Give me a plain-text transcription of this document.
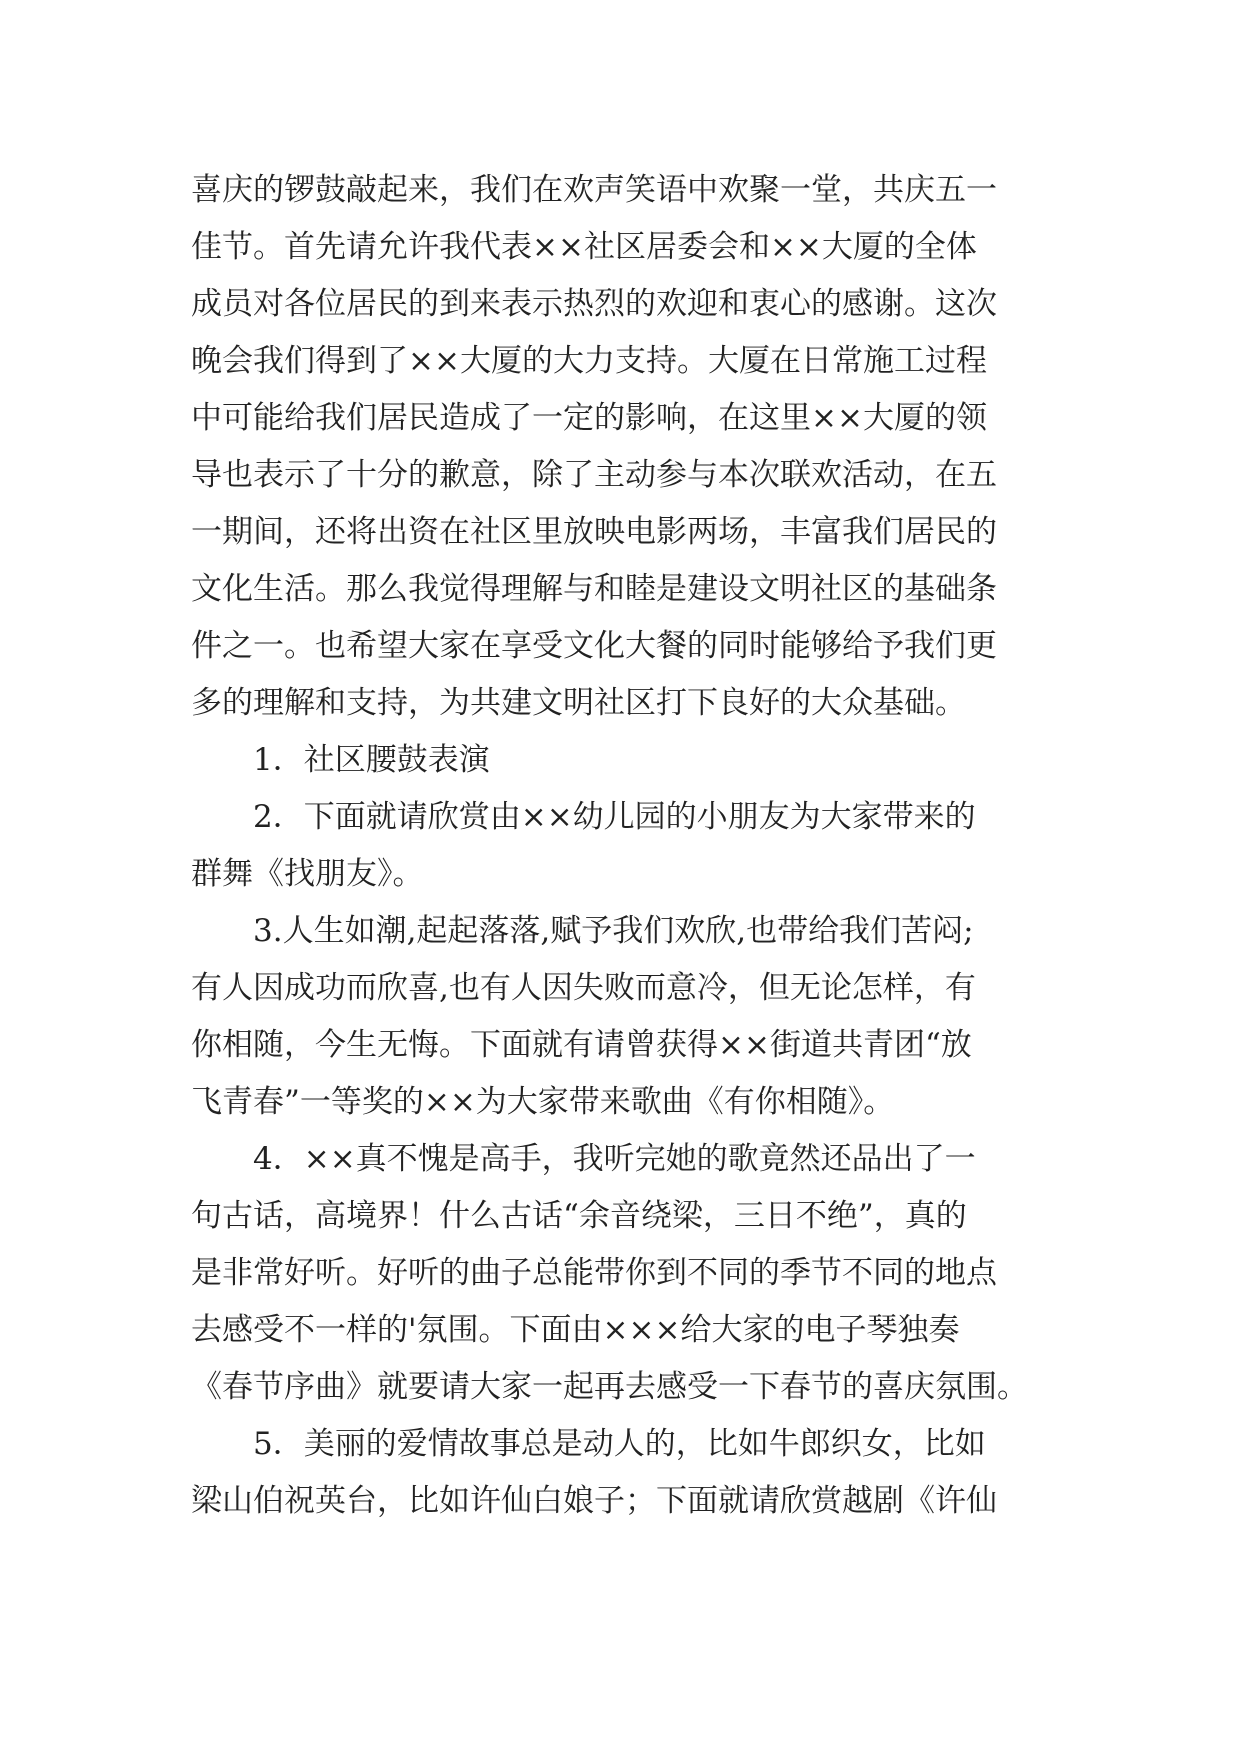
喜庆的锣鼓敲起来，我们在欢声笑语中欢聚一堂，共庆五一
佳节。首先请允许我代表××社区居委会和××大厦的全体
成员对各位居民的到来表示热烈的欢迎和衷心的感谢。这次
晚会我们得到了××大厦的大力支持。大厦在日常施工过程
中可能给我们居民造成了一定的影响，在这里××大厦的领
导也表示了十分的歉意，除了主动参与本次联欢活动，在五
一期间，还将出资在社区里放映电影两场，丰富我们居民的
文化生活。那么我觉得理解与和睦是建设文明社区的基础条
件之一。也希望大家在享受文化大餐的同时能够给予我们更
多的理解和支持，为共建文明社区打下良好的大众基础。
1．社区腰鼓表演
2．下面就请欣赏由××幼儿园的小朋友为大家带来的
群舞《找朋友》。
3.人生如潮,起起落落,赋予我们欢欣,也带给我们苦闷;
有人因成功而欣喜,也有人因失败而意冷，但无论怎样，有
你相随，今生无悔。下面就有请曾获得××街道共青团“放
飞青春”一等奖的××为大家带来歌曲《有你相随》。
4．××真不愧是高手，我听完她的歌竟然还品出了一
句古话，高境界！什么古话“余音绕梁，三日不绝”，真的
是非常好听。好听的曲子总能带你到不同的季节不同的地点
去感受不一样的'氛围。下面由×××给大家的电子琴独奏
《春节序曲》就要请大家一起再去感受一下春节的喜庆氛围。
5．美丽的爱情故事总是动人的，比如牛郎织女，比如
梁山伯祝英台，比如许仙白娘子；下面就请欣赏越剧《许仙
